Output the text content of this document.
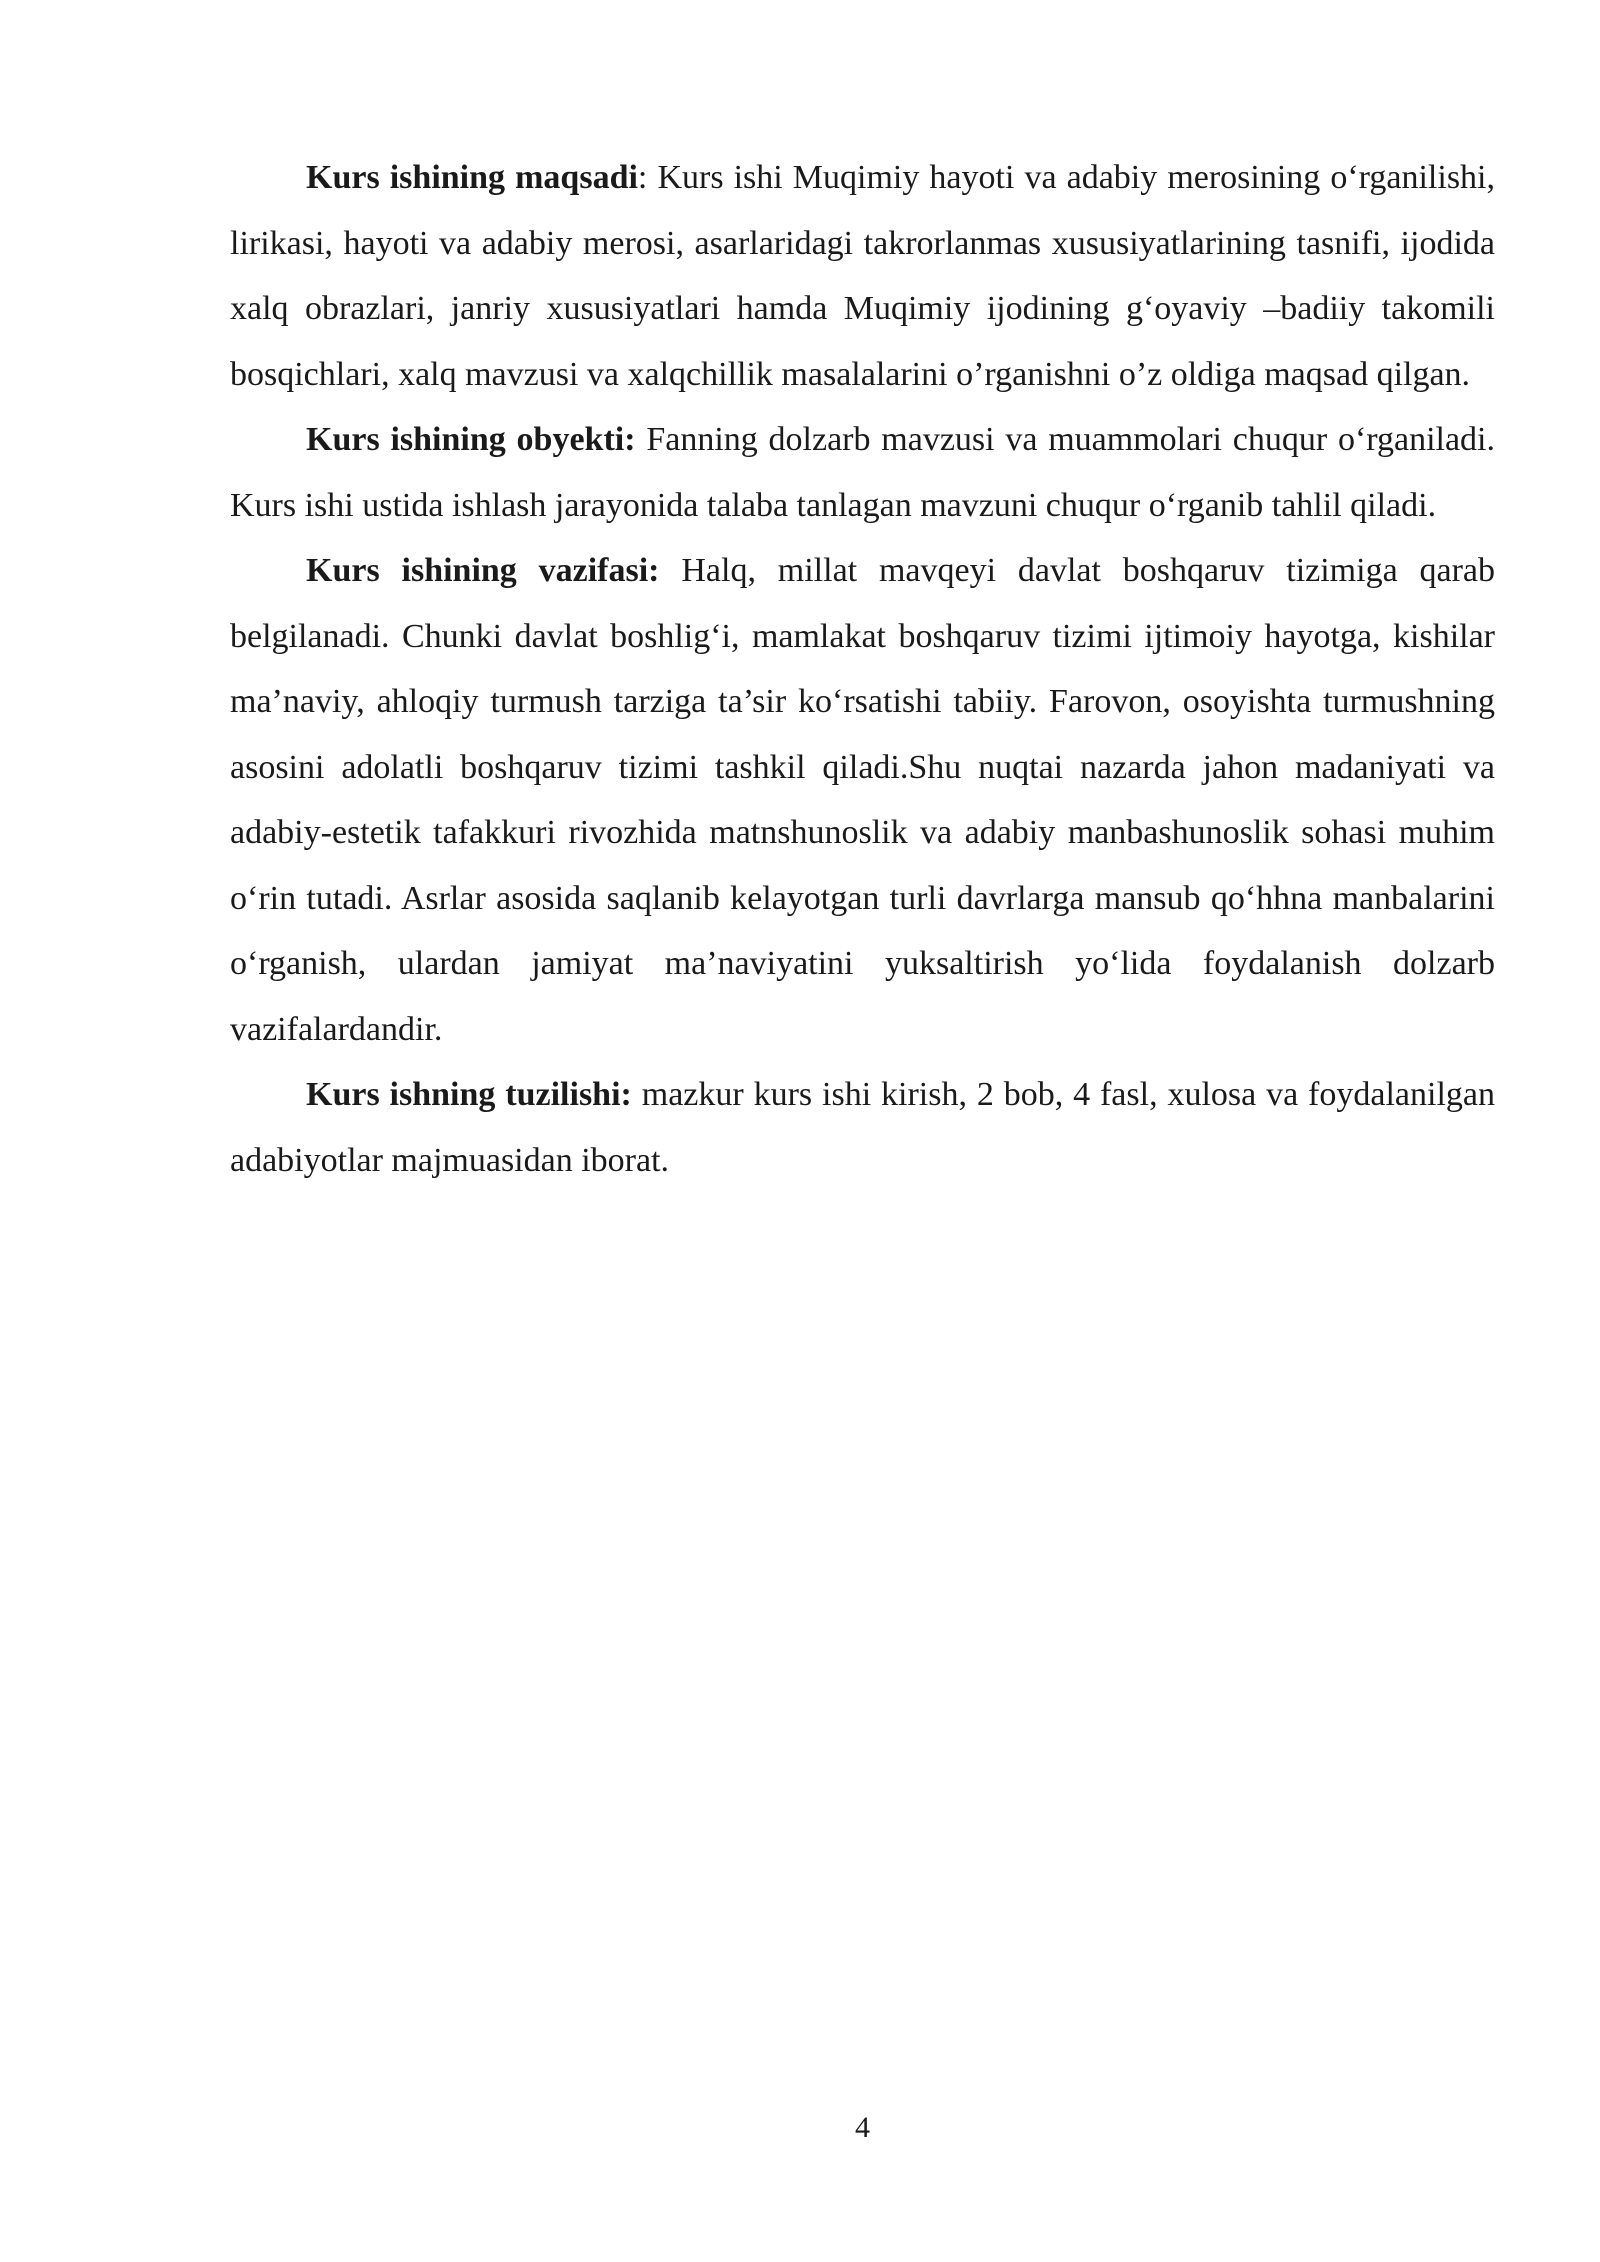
Kurs ishining maqsadi: Kurs ishi Muqimiy hayoti va adabiy merosining o‘rganilishi, lirikasi, hayoti va adabiy merosi, asarlaridagi takrorlanmas xususiyatlarining tasnifi, ijodida xalq obrazlari, janriy xususiyatlari hamda Muqimiy ijodining g‘oyaviy –badiiy takomili bosqichlari, xalq mavzusi va xalqchillik masalalarini o’rganishni o’z oldiga maqsad qilgan.

Kurs ishining obyekti: Fanning dolzarb mavzusi va muammolari chuqur o‘rganiladi. Kurs ishi ustida ishlash jarayonida talaba tanlagan mavzuni chuqur o‘rganib tahlil qiladi.

Kurs ishining vazifasi: Halq, millat mavqeyi davlat boshqaruv tizimiga qarab belgilanadi. Chunki davlat boshlig‘i, mamlakat boshqaruv tizimi ijtimoiy hayotga, kishilar ma’naviy, ahloqiy turmush tarziga ta’sir ko‘rsatishi tabiiy. Farovon, osoyishta turmushning asosini adolatli boshqaruv tizimi tashkil qiladi.Shu nuqtai nazarda jahon madaniyati va adabiy-estetik tafakkuri rivozhida matnshunoslik va adabiy manbashunoslik sohasi muhim o‘rin tutadi. Asrlar asosida saqlanib kelayotgan turli davrlarga mansub qo‘hhna manbalarini o‘rganish, ulardan jamiyat ma’naviyatini yuksaltirish yo‘lida foydalanish dolzarb vazifalardandir.

Kurs ishning tuzilishi: mazkur kurs ishi kirish, 2 bob, 4 fasl, xulosa va foydalanilgan adabiyotlar majmuasidan iborat.

4
